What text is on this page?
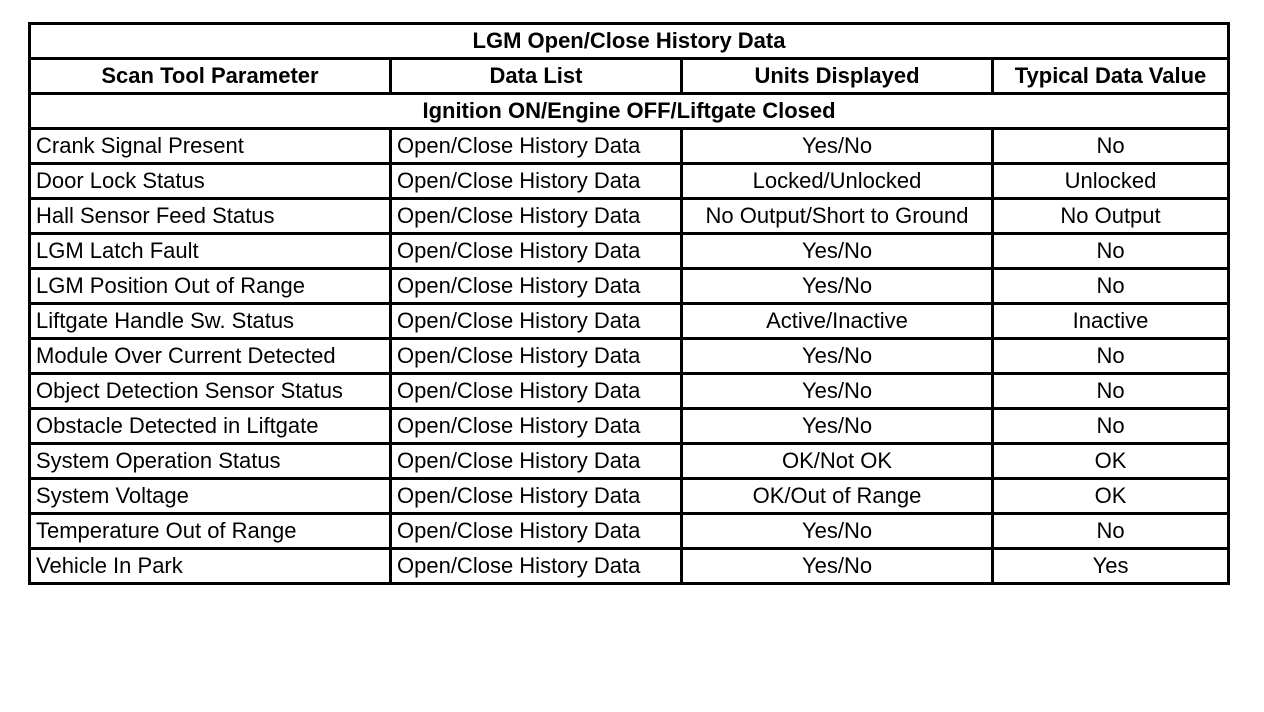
LGM Open/Close History Data			
Scan Tool Parameter	Data List	Units Displayed	Typical Data Value
Ignition ON/Engine OFF/Liftgate Closed			
Crank Signal Present	Open/Close History Data	Yes/No	No
Door Lock Status	Open/Close History Data	Locked/Unlocked	Unlocked
Hall Sensor Feed Status	Open/Close History Data	No Output/Short to Ground	No Output
LGM Latch Fault	Open/Close History Data	Yes/No	No
LGM Position Out of Range	Open/Close History Data	Yes/No	No
Liftgate Handle Sw. Status	Open/Close History Data	Active/Inactive	Inactive
Module Over Current Detected	Open/Close History Data	Yes/No	No
Object Detection Sensor Status	Open/Close History Data	Yes/No	No
Obstacle Detected in Liftgate	Open/Close History Data	Yes/No	No
System Operation Status	Open/Close History Data	OK/Not OK	OK
System Voltage	Open/Close History Data	OK/Out of Range	OK
Temperature Out of Range	Open/Close History Data	Yes/No	No
Vehicle In Park	Open/Close History Data	Yes/No	Yes
